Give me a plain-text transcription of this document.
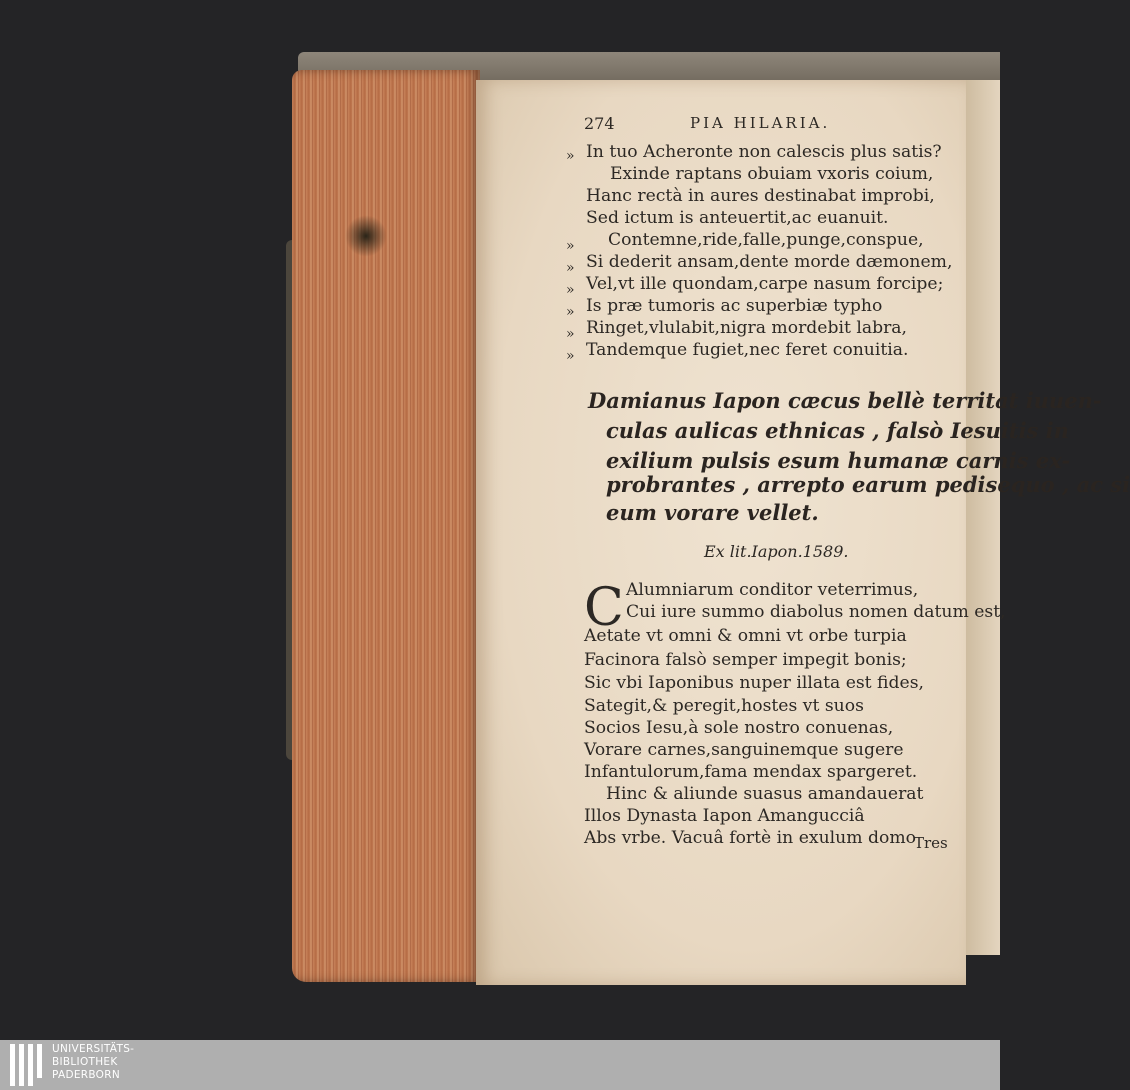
274	PIA HILARIA.
» In tuo Acheronte non calescis plus satis?
Exinde raptans obuiam vxoris coium,
Hanc rectà in aures destinabat improbi,
Sed ictum is anteuertit,ac euanuit.
» Contemne,ride,falle,punge,conspue,
» Si dederit ansam,dente morde dæmonem,
» Vel,vt ille quondam,carpe nasum forcipe;
» Is præ tumoris ac superbiæ typho
» Ringet,vlulabit,nigra mordebit labra,
» Tandemque fugiet,nec feret conuitia.
Damianus Iapon cæcus bellè territat iuuen-
culas aulicas ethnicas , falsò Iesuitis in
exilium pulsis esum humanæ carnis ex-
probrantes , arrepto earum pedisequo , ac si
eum vorare vellet.
Ex lit.Iapon.1589.
C Alumniarum conditor veterrimus,
Cui iure summo diabolus nomen datum est,
Aetate vt omni & omni vt orbe turpia
Facinora falsò semper impegit bonis;
Sic vbi Iaponibus nuper illata est fides,
Sategit,& peregit,hostes vt suos
Socios Iesu,à sole nostro conuenas,
Vorare carnes,sanguinemque sugere
Infantulorum,fama mendax spargeret.
Hinc & aliunde suasus amandauerat
Illos Dynasta Iapon Amangucciâ
Abs vrbe. Vacuâ fortè in exulum domo
Tres
UNIVERSITÄTS-
BIBLIOTHEK
PADERBORN
